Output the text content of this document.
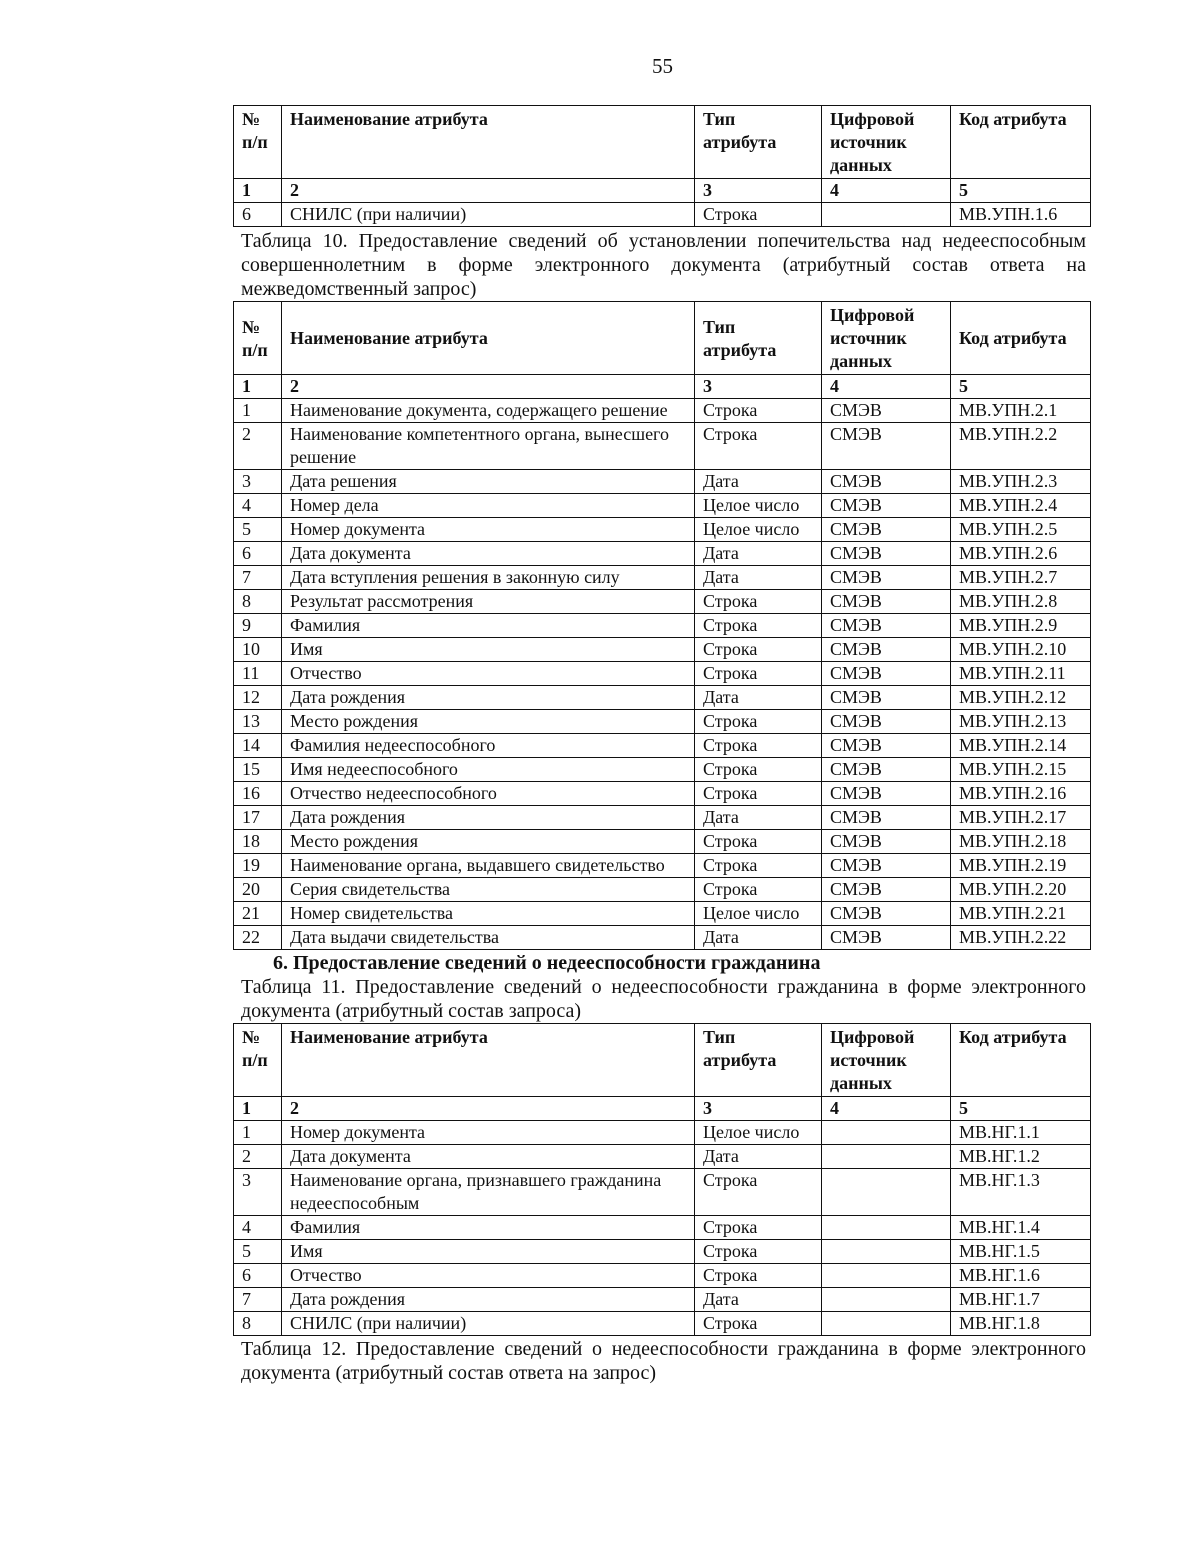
55
№ п/п	Наименование атрибута	Тип атрибута	Цифровой источник данных	Код атрибута
1	2	3	4	5
6	СНИЛС (при наличии)	Строка		МВ.УПН.1.6

Таблица 10. Предоставление сведений об установлении попечительства над недееспособным совершеннолетним в форме электронного документа (атрибутный состав ответа на межведомственный запрос)

№ п/п	Наименование атрибута	Тип атрибута	Цифровой источник данных	Код атрибута
1	2	3	4	5
1	Наименование документа, содержащего решение	Строка	СМЭВ	МВ.УПН.2.1
2	Наименование компетентного органа, вынесшего решение	Строка	СМЭВ	МВ.УПН.2.2
3	Дата решения	Дата	СМЭВ	МВ.УПН.2.3
4	Номер дела	Целое число	СМЭВ	МВ.УПН.2.4
5	Номер документа	Целое число	СМЭВ	МВ.УПН.2.5
6	Дата документа	Дата	СМЭВ	МВ.УПН.2.6
7	Дата вступления решения в законную силу	Дата	СМЭВ	МВ.УПН.2.7
8	Результат рассмотрения	Строка	СМЭВ	МВ.УПН.2.8
9	Фамилия	Строка	СМЭВ	МВ.УПН.2.9
10	Имя	Строка	СМЭВ	МВ.УПН.2.10
11	Отчество	Строка	СМЭВ	МВ.УПН.2.11
12	Дата рождения	Дата	СМЭВ	МВ.УПН.2.12
13	Место рождения	Строка	СМЭВ	МВ.УПН.2.13
14	Фамилия недееспособного	Строка	СМЭВ	МВ.УПН.2.14
15	Имя недееспособного	Строка	СМЭВ	МВ.УПН.2.15
16	Отчество недееспособного	Строка	СМЭВ	МВ.УПН.2.16
17	Дата рождения	Дата	СМЭВ	МВ.УПН.2.17
18	Место рождения	Строка	СМЭВ	МВ.УПН.2.18
19	Наименование органа, выдавшего свидетельство	Строка	СМЭВ	МВ.УПН.2.19
20	Серия свидетельства	Строка	СМЭВ	МВ.УПН.2.20
21	Номер свидетельства	Целое число	СМЭВ	МВ.УПН.2.21
22	Дата выдачи свидетельства	Дата	СМЭВ	МВ.УПН.2.22

6. Предоставление сведений о недееспособности гражданина

Таблица 11. Предоставление сведений о недееспособности гражданина в форме электронного документа (атрибутный состав запроса)

№ п/п	Наименование атрибута	Тип атрибута	Цифровой источник данных	Код атрибута
1	2	3	4	5
1	Номер документа	Целое число		МВ.НГ.1.1
2	Дата документа	Дата		МВ.НГ.1.2
3	Наименование органа, признавшего гражданина недееспособным	Строка		МВ.НГ.1.3
4	Фамилия	Строка		МВ.НГ.1.4
5	Имя	Строка		МВ.НГ.1.5
6	Отчество	Строка		МВ.НГ.1.6
7	Дата рождения	Дата		МВ.НГ.1.7
8	СНИЛС (при наличии)	Строка		МВ.НГ.1.8

Таблица 12. Предоставление сведений о недееспособности гражданина в форме электронного документа (атрибутный состав ответа на запрос)
